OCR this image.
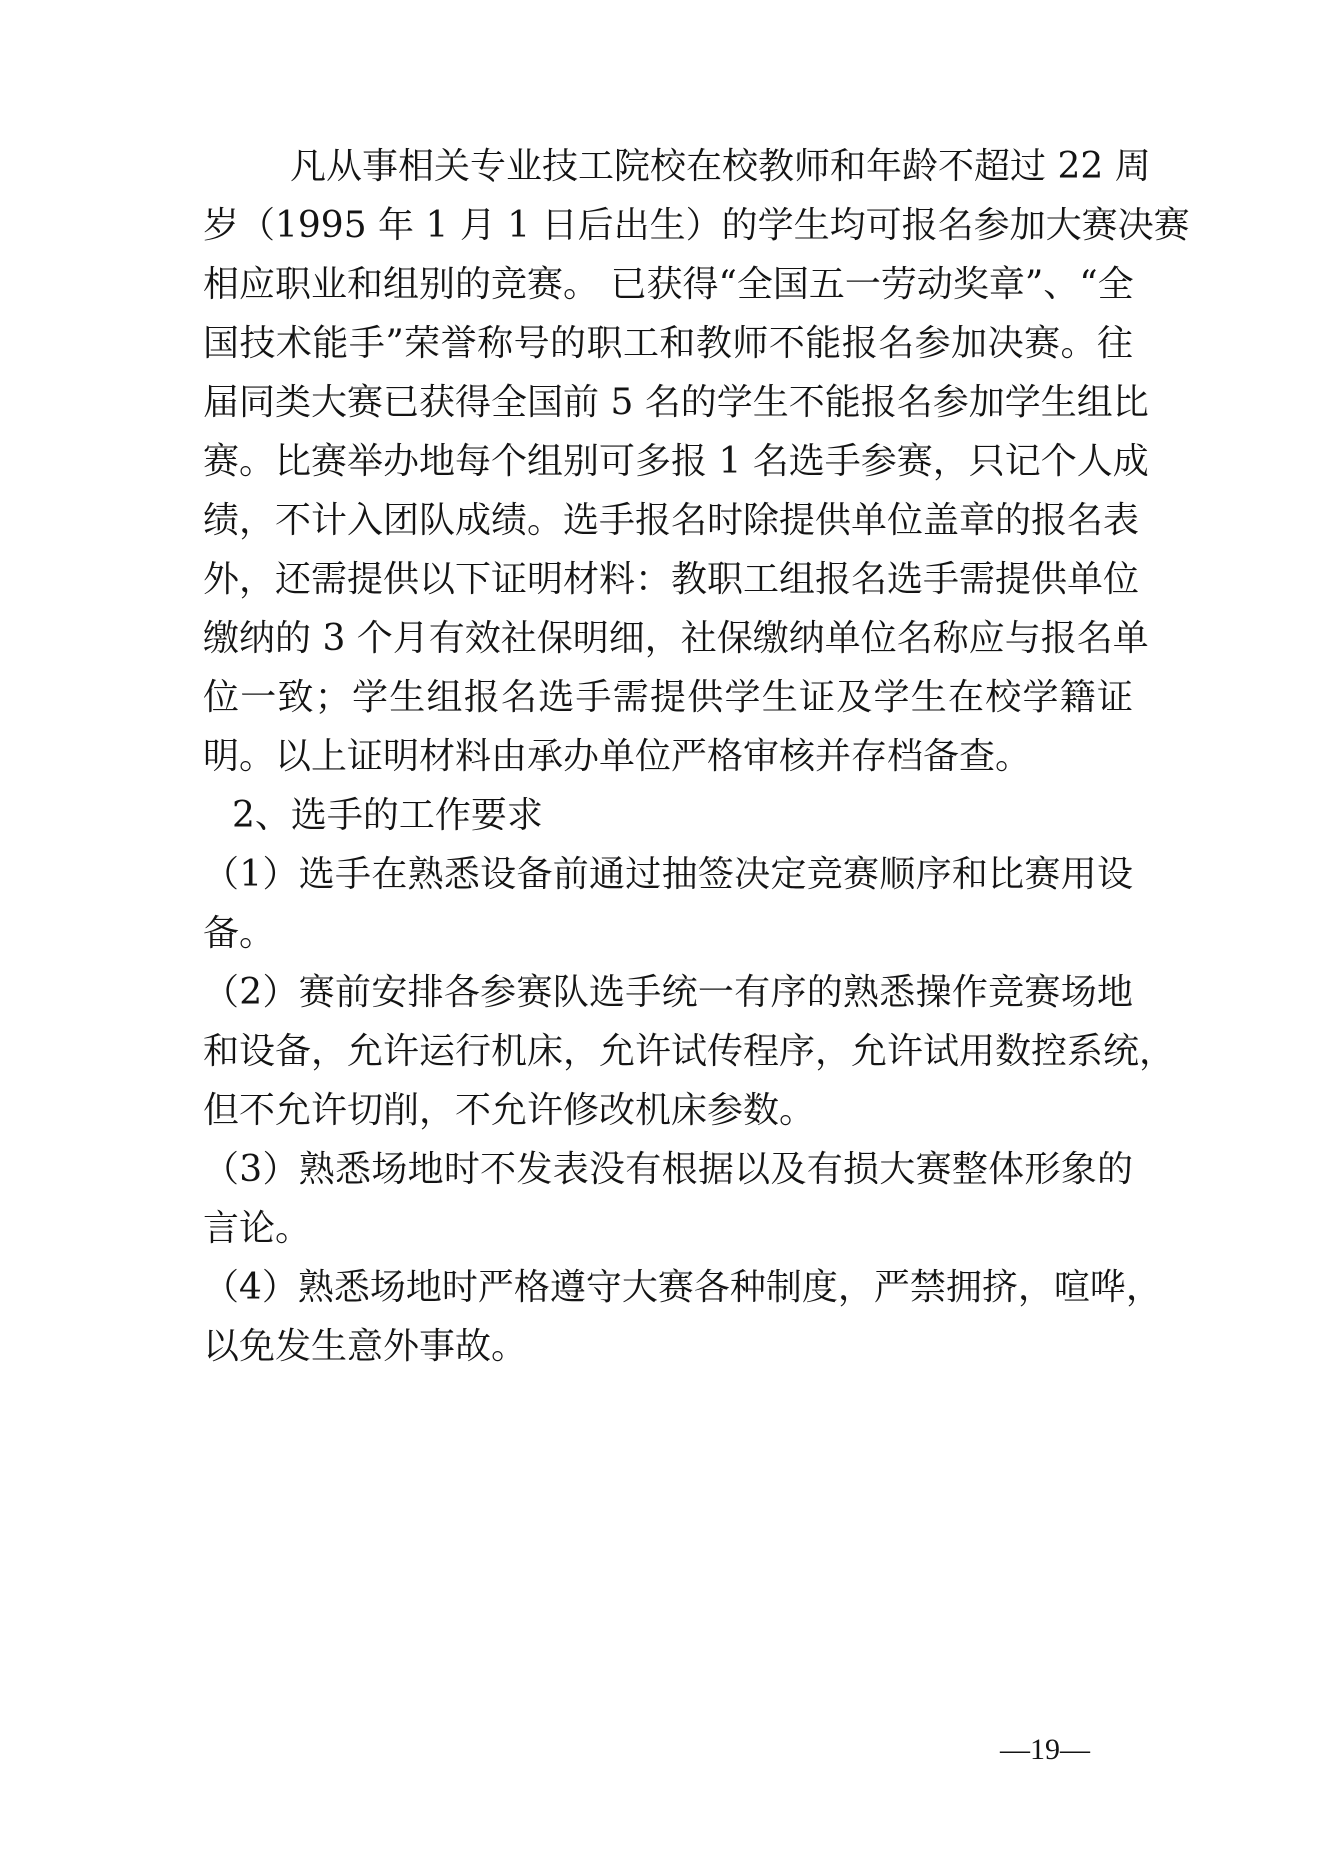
凡从事相关专业技工院校在校教师和年龄不超过 22 周
岁（1995 年 1 月 1 日后出生）的学生均可报名参加大赛决赛
相应职业和组别的竞赛。 已获得“全国五一劳动奖章”、“全
国技术能手”荣誉称号的职工和教师不能报名参加决赛。往
届同类大赛已获得全国前 5 名的学生不能报名参加学生组比
赛。比赛举办地每个组别可多报 1 名选手参赛，只记个人成
绩，不计入团队成绩。选手报名时除提供单位盖章的报名表
外，还需提供以下证明材料：教职工组报名选手需提供单位
缴纳的 3 个月有效社保明细，社保缴纳单位名称应与报名单
位一致；学生组报名选手需提供学生证及学生在校学籍证
明。以上证明材料由承办单位严格审核并存档备查。
2、选手的工作要求
（1）选手在熟悉设备前通过抽签决定竞赛顺序和比赛用设
备。
（2）赛前安排各参赛队选手统一有序的熟悉操作竞赛场地
和设备，允许运行机床，允许试传程序，允许试用数控系统，
但不允许切削，不允许修改机床参数。
（3）熟悉场地时不发表没有根据以及有损大赛整体形象的
言论。
（4）熟悉场地时严格遵守大赛各种制度，严禁拥挤，喧哗，
以免发生意外事故。
—19—
